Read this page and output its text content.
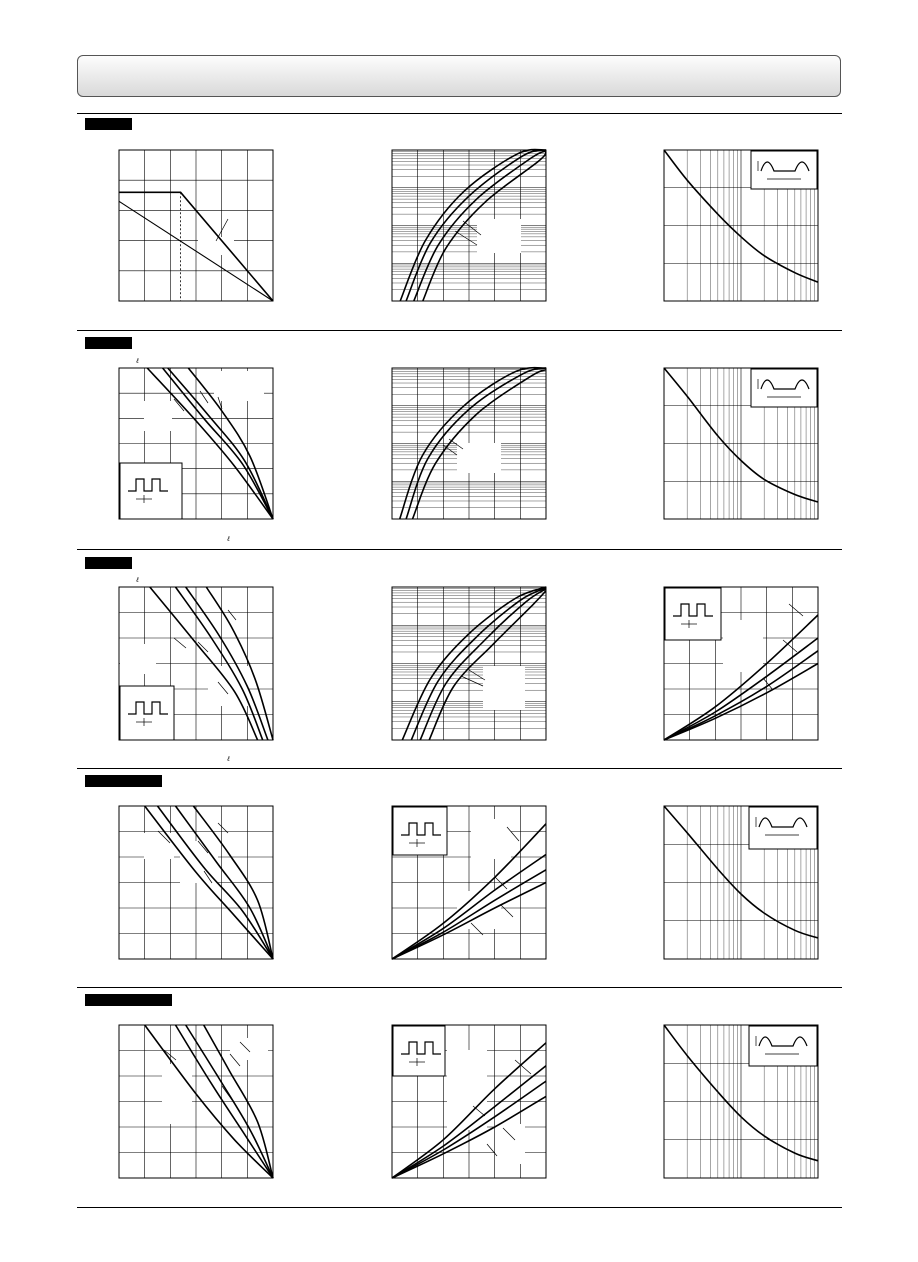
ℓ
ℓ
ℓ
ℓ
